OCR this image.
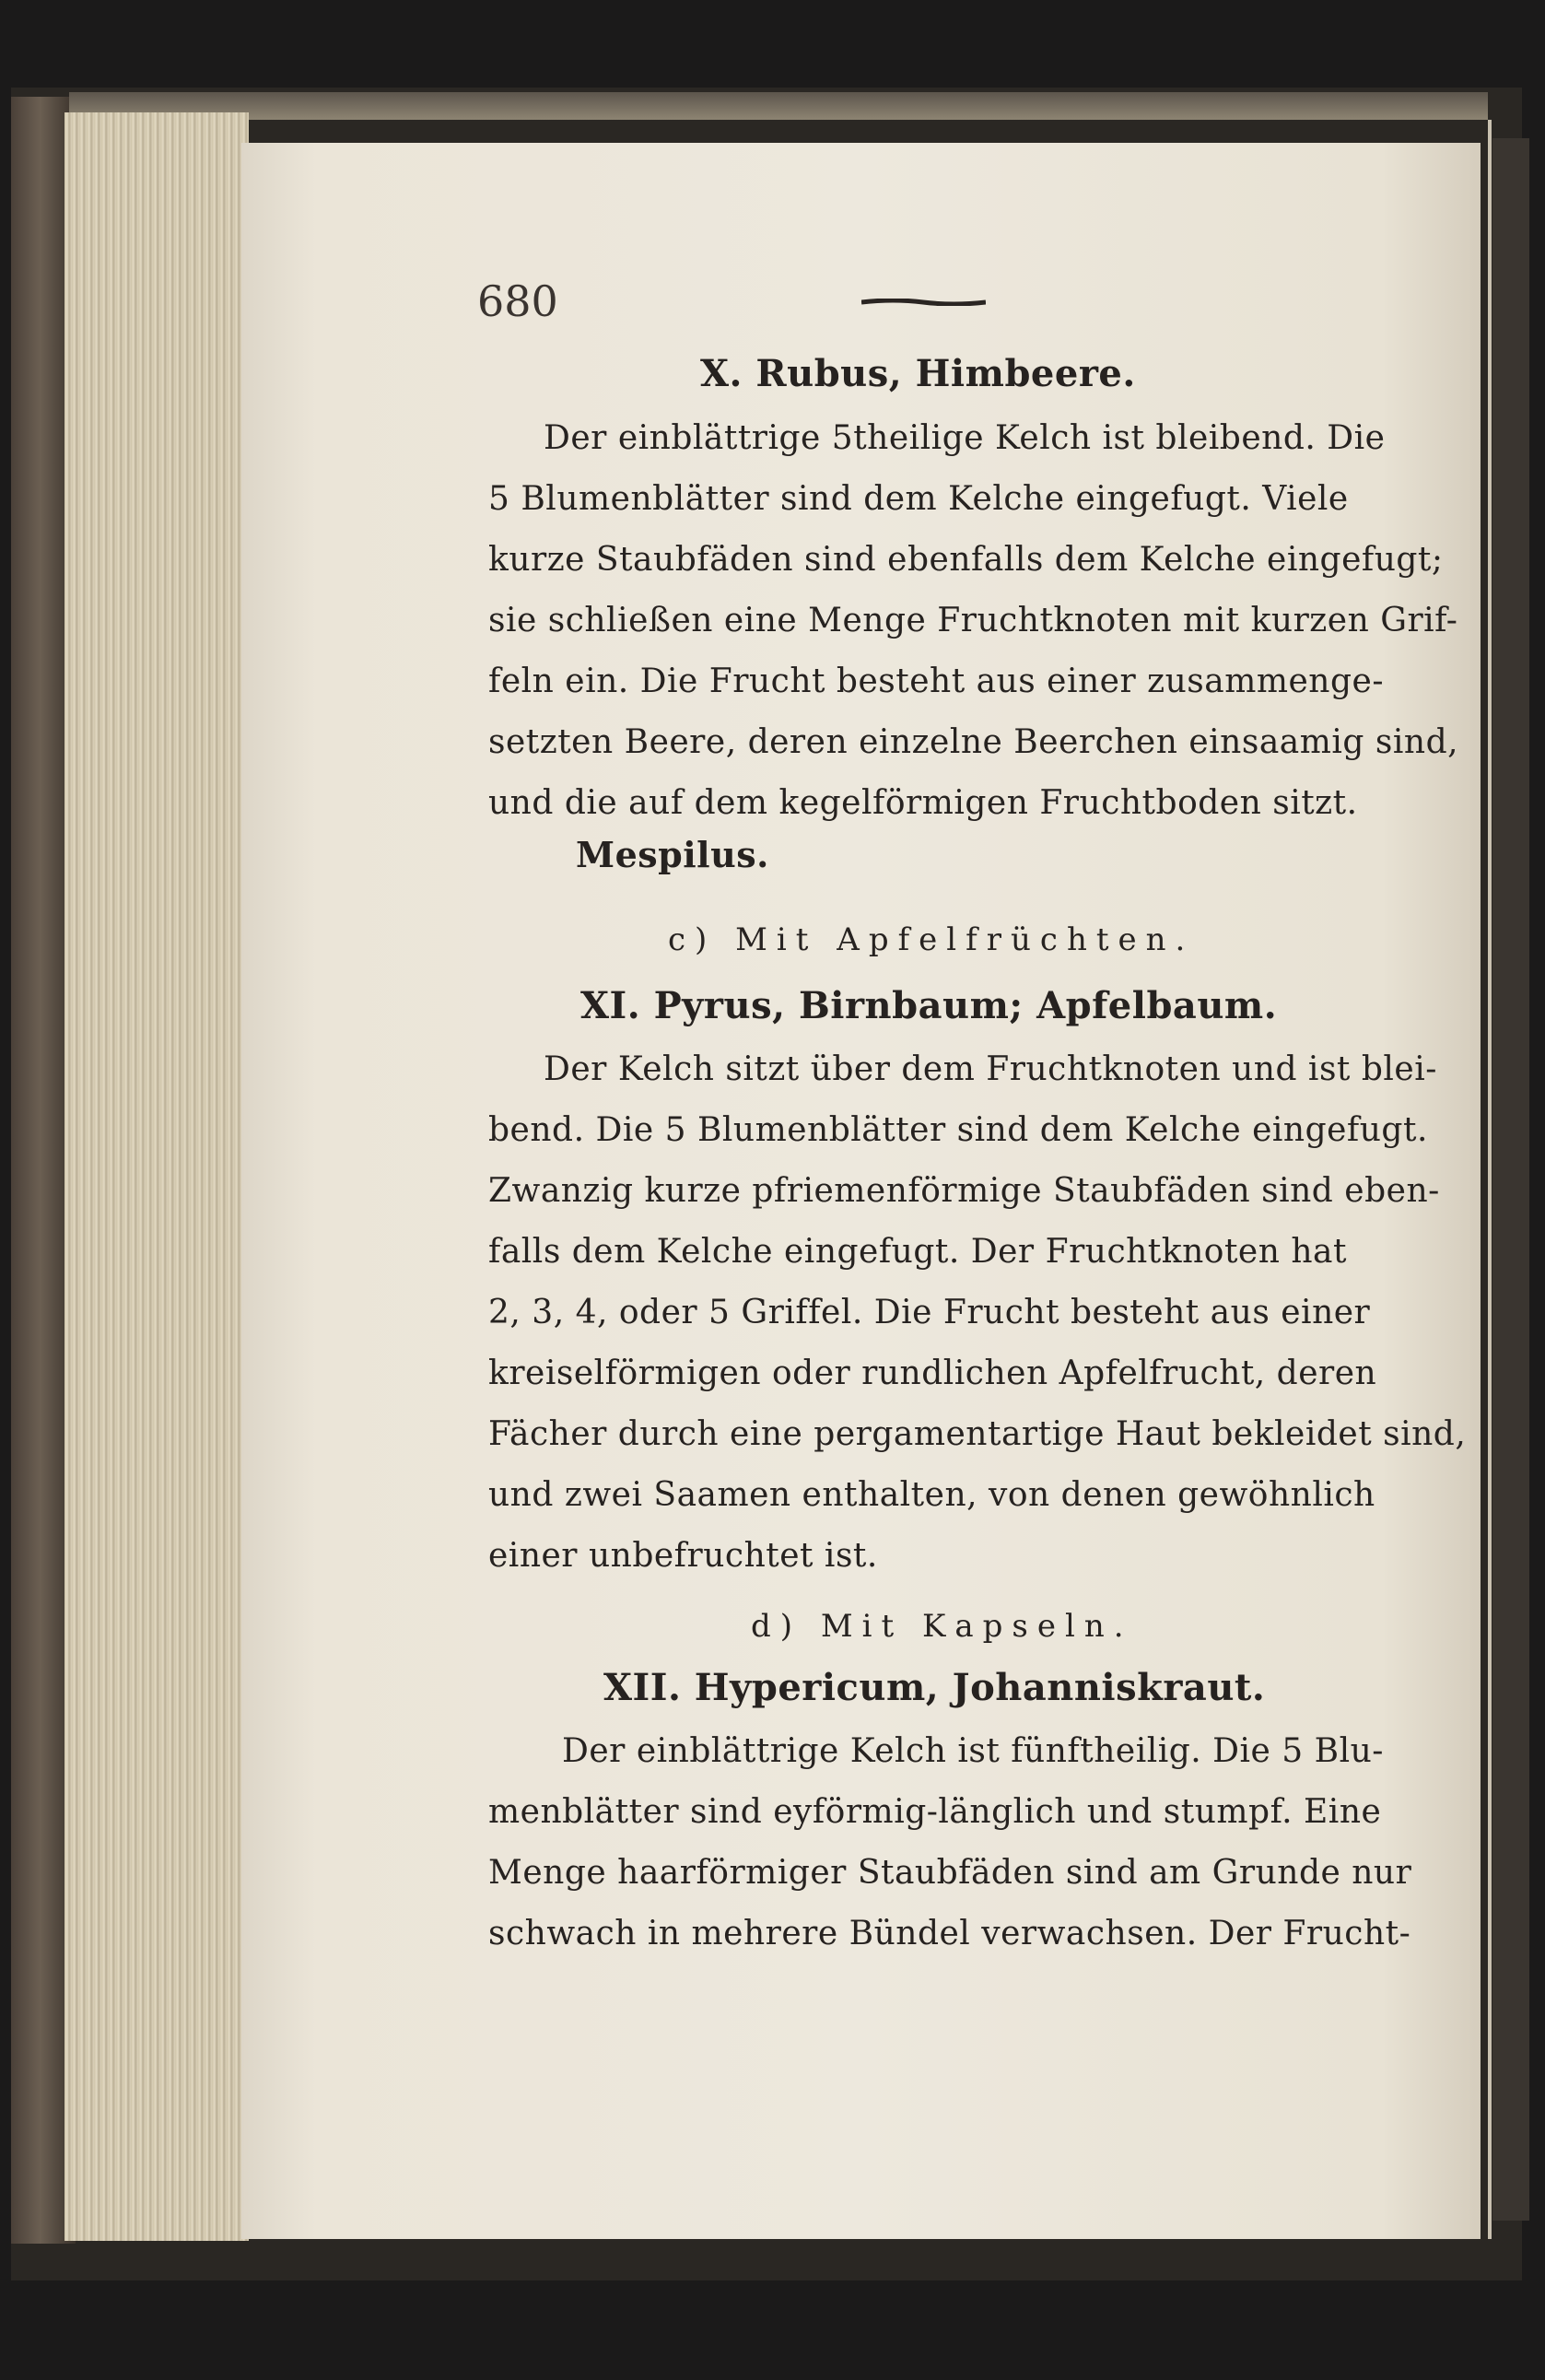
680
X. Rubus, Himbeere.
Der einblättrige 5theilige Kelch ist bleibend. Die
5 Blumenblätter sind dem Kelche eingefugt. Viele
kurze Staubfäden sind ebenfalls dem Kelche eingefugt;
sie schließen eine Menge Fruchtknoten mit kurzen Grif-
feln ein. Die Frucht besteht aus einer zusammenge-
setzten Beere, deren einzelne Beerchen einsaamig sind,
und die auf dem kegelförmigen Fruchtboden sitzt.
Mespilus.
c) Mit Apfelfrüchten.
XI. Pyrus, Birnbaum; Apfelbaum.
Der Kelch sitzt über dem Fruchtknoten und ist blei-
bend. Die 5 Blumenblätter sind dem Kelche eingefugt.
Zwanzig kurze pfriemenförmige Staubfäden sind eben-
falls dem Kelche eingefugt. Der Fruchtknoten hat
2, 3, 4, oder 5 Griffel. Die Frucht besteht aus einer
kreiselförmigen oder rundlichen Apfelfrucht, deren
Fächer durch eine pergamentartige Haut bekleidet sind,
und zwei Saamen enthalten, von denen gewöhnlich
einer unbefruchtet ist.
d) Mit Kapseln.
XII. Hypericum, Johanniskraut.
Der einblättrige Kelch ist fünftheilig. Die 5 Blu-
menblätter sind eyförmig-länglich und stumpf. Eine
Menge haarförmiger Staubfäden sind am Grunde nur
schwach in mehrere Bündel verwachsen. Der Frucht-
